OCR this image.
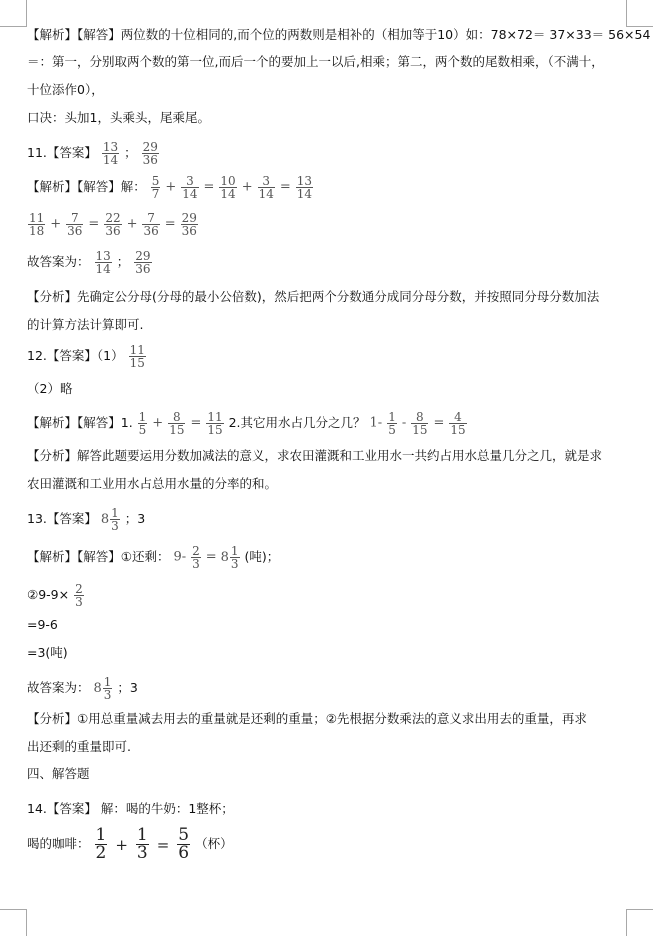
【解析】【解答】两位数的十位相同的,而个位的两数则是相补的（相加等于10）如：78×72＝ 37×33＝ 56×54
＝：第一，分别取两个数的第一位,而后一个的要加上一以后,相乘；第二，两个数的尾数相乘，（不满十，
十位添作0），
口决：头加1，头乘头，尾乘尾。
11.【答案】 $\frac{13}{14}$ ； $\frac{29}{36}$
【解析】【解答】解： $\frac{5}{7} + \frac{3}{14} = \frac{10}{14} + \frac{3}{14} = \frac{13}{14}$
$\frac{11}{18} + \frac{7}{36} = \frac{22}{36} + \frac{7}{36} = \frac{29}{36}$
故答案为： $\frac{13}{14}$ ； $\frac{29}{36}$
【分析】先确定公分母(分母的最小公倍数)，然后把两个分数通分成同分母分数，并按照同分母分数加法
的计算方法计算即可.
12.【答案】$(1) \frac{11}{15}$
（2）略
【解析】【解答】1. $\frac{1}{5} + \frac{8}{15} = \frac{11}{15} 2$.其它用水占几分之几？ $1- \frac{1}{5} - \frac{8}{15} = \frac{4}{15}$
【分析】解答此题要运用分数加减法的意义，求农田灌溉和工业用水一共约占用水总量几分之几，就是求
农田灌溉和工业用水占总用水量的分率的和。
13.【答案】 $8 \frac{1}{3}$ ；3
【解析】【解答】①还剩： $9- \frac{2}{3} = 8 \frac{1}{3}$ (吨)；
②9-9× $\frac{2}{3}$
=9-6
=3(吨)
故答案为： $8 \frac{1}{3}$ ；3
【分析】①用总重量减去用去的重量就是还剩的重量；②先根据分数乘法的意义求出用去的重量，再求
出还剩的重量即可.
四、解答题
14.【答案】 解：喝的牛奶：1整杯；
喝的咖啡： $\frac{1}{2} + \frac{1}{3} = \frac{5}{6}$ （杯）
